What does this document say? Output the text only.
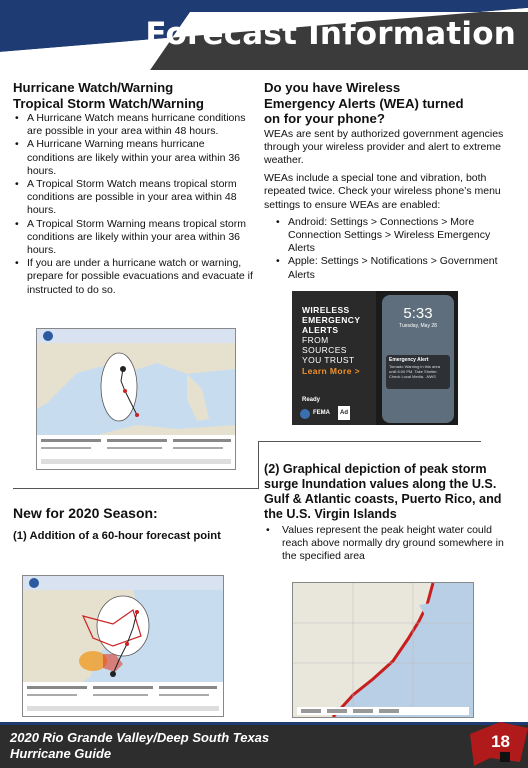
Forecast Information
Hurricane Watch/Warning
Tropical Storm Watch/Warning
• A Hurricane Watch means hurricane conditions are possible in your area within 48 hours.
• A Hurricane Warning means hurricane conditions are likely within your area within 36 hours.
• A Tropical Storm Watch means tropical storm conditions are possible in your area within 48 hours.
• A Tropical Storm Warning means tropical storm conditions are likely within your area within 36 hours.
• If you are under a hurricane watch or warning, prepare for possible evacuations and evacuate if instructed to do so.
Do you have Wireless Emergency Alerts (WEA) turned on for your phone?

WEAs are sent by authorized government agencies through your wireless provider and alert to extreme weather.

WEAs include a special tone and vibration, both repeated twice. Check your wireless phone’s menu settings to ensure WEAs are enabled:

• Android: Settings > Connections > More Connection Settings > Wireless Emergency Alerts
• Apple: Settings > Notifications > Government Alerts
WIRELESS
EMERGENCY
ALERTS
FROM
SOURCES
YOU TRUST
Learn More >
Ready
FEMA	Ad
5:33
Tuesday, May 28
Emergency Alert
Tornado Warning in this area until 6:00 PM. Take Shelter. Check Local Media. -NWS
New for 2020 Season:
(1) Addition of a 60-hour forecast point
(2) Graphical depiction of peak storm surge Inundation values along the U.S. Gulf & Atlantic coasts, Puerto Rico, and the U.S. Virgin Islands
• Values represent the peak height water could reach above normally dry ground somewhere in the specified area
2020 Rio Grande Valley/Deep South Texas
Hurricane Guide
18
